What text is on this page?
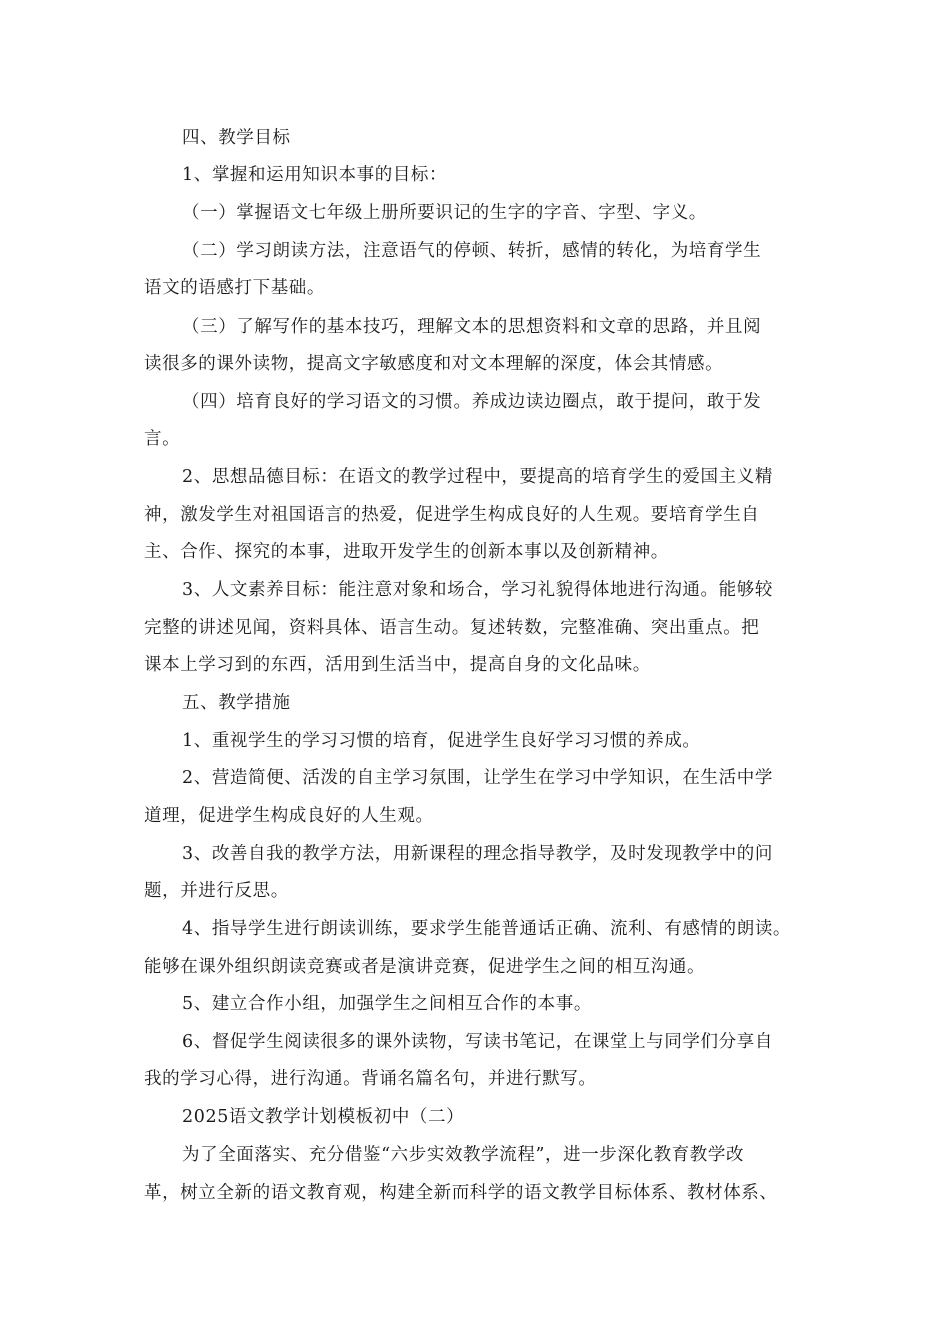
四、教学目标
1、掌握和运用知识本事的目标：
（一）掌握语文七年级上册所要识记的生字的字音、字型、字义。
（二）学习朗读方法，注意语气的停顿、转折，感情的转化，为培育学生
语文的语感打下基础。
（三）了解写作的基本技巧，理解文本的思想资料和文章的思路，并且阅
读很多的课外读物，提高文字敏感度和对文本理解的深度，体会其情感。
（四）培育良好的学习语文的习惯。养成边读边圈点，敢于提问，敢于发
言。
2、思想品德目标：在语文的教学过程中，要提高的培育学生的爱国主义精
神，激发学生对祖国语言的热爱，促进学生构成良好的人生观。要培育学生自
主、合作、探究的本事，进取开发学生的创新本事以及创新精神。
3、人文素养目标：能注意对象和场合，学习礼貌得体地进行沟通。能够较
完整的讲述见闻，资料具体、语言生动。复述转数，完整准确、突出重点。把
课本上学习到的东西，活用到生活当中，提高自身的文化品味。
五、教学措施
1、重视学生的学习习惯的培育，促进学生良好学习习惯的养成。
2、营造简便、活泼的自主学习氛围，让学生在学习中学知识，在生活中学
道理，促进学生构成良好的人生观。
3、改善自我的教学方法，用新课程的理念指导教学，及时发现教学中的问
题，并进行反思。
4、指导学生进行朗读训练，要求学生能普通话正确、流利、有感情的朗读。
能够在课外组织朗读竞赛或者是演讲竞赛，促进学生之间的相互沟通。
5、建立合作小组，加强学生之间相互合作的本事。
6、督促学生阅读很多的课外读物，写读书笔记，在课堂上与同学们分享自
我的学习心得，进行沟通。背诵名篇名句，并进行默写。
2025语文教学计划模板初中（二）
为了全面落实、充分借鉴“六步实效教学流程”，进一步深化教育教学改
革，树立全新的语文教育观，构建全新而科学的语文教学目标体系、教材体系、
